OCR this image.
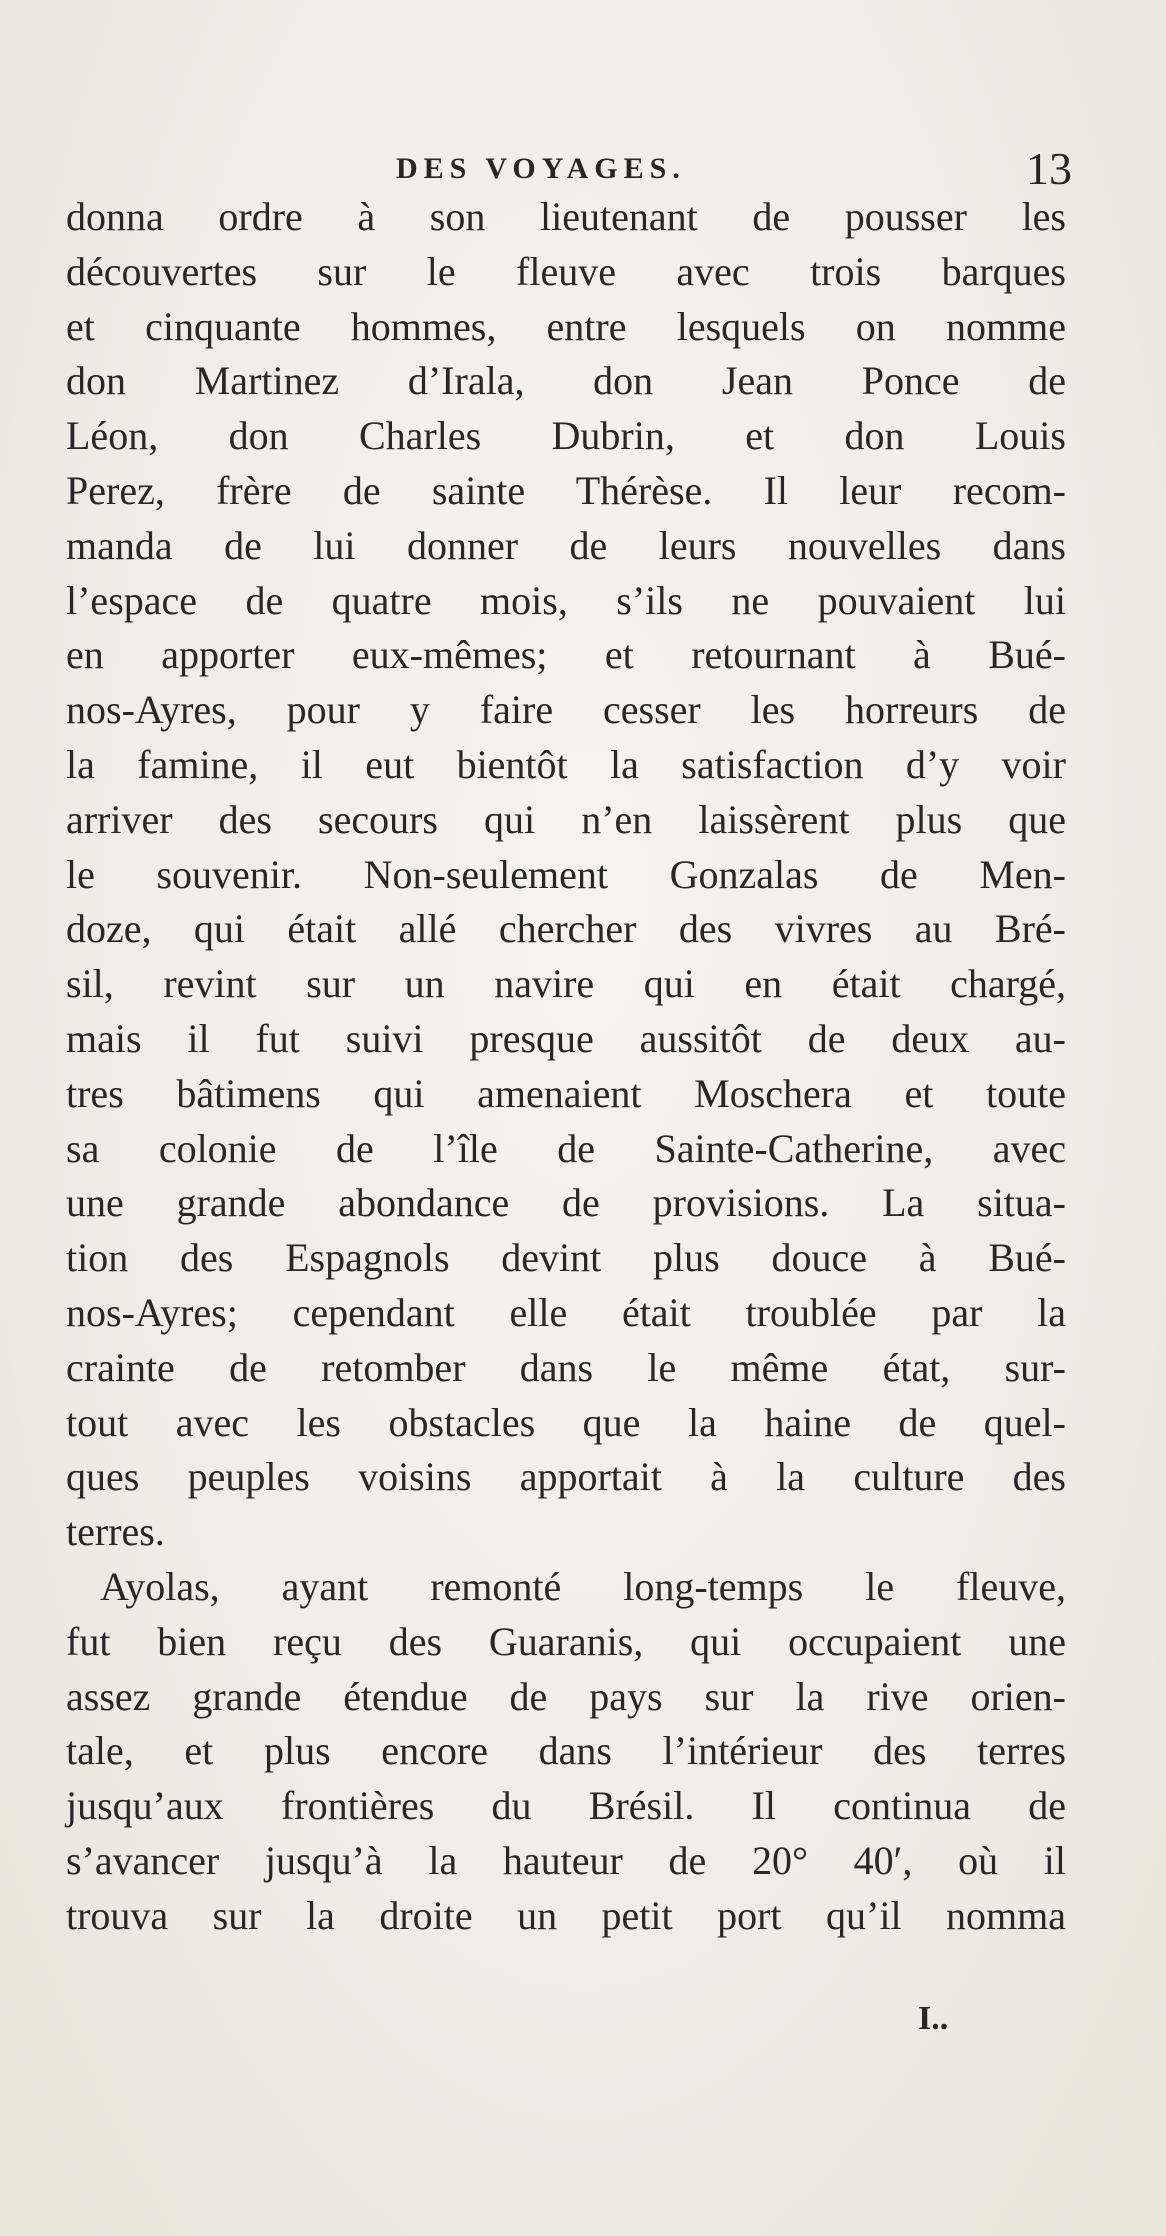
DES VOYAGES.	13
donna ordre à son lieutenant de pousser les
découvertes sur le fleuve avec trois barques
et cinquante hommes, entre lesquels on nomme
don Martinez d’Irala, don Jean Ponce de
Léon, don Charles Dubrin, et don Louis
Perez, frère de sainte Thérèse. Il leur recom-
manda de lui donner de leurs nouvelles dans
l’espace de quatre mois, s’ils ne pouvaient lui
en apporter eux-mêmes; et retournant à Bué-
nos-Ayres, pour y faire cesser les horreurs de
la famine, il eut bientôt la satisfaction d’y voir
arriver des secours qui n’en laissèrent plus que
le souvenir. Non-seulement Gonzalas de Men-
doze, qui était allé chercher des vivres au Bré-
sil, revint sur un navire qui en était chargé,
mais il fut suivi presque aussitôt de deux au-
tres bâtimens qui amenaient Moschera et toute
sa colonie de l’île de Sainte-Catherine, avec
une grande abondance de provisions. La situa-
tion des Espagnols devint plus douce à Bué-
nos-Ayres; cependant elle était troublée par la
crainte de retomber dans le même état, sur-
tout avec les obstacles que la haine de quel-
ques peuples voisins apportait à la culture des
terres.
Ayolas, ayant remonté long-temps le fleuve,
fut bien reçu des Guaranis, qui occupaient une
assez grande étendue de pays sur la rive orien-
tale, et plus encore dans l’intérieur des terres
jusqu’aux frontières du Brésil. Il continua de
s’avancer jusqu’à la hauteur de 20° 40′, où il
trouva sur la droite un petit port qu’il nomma
I..
